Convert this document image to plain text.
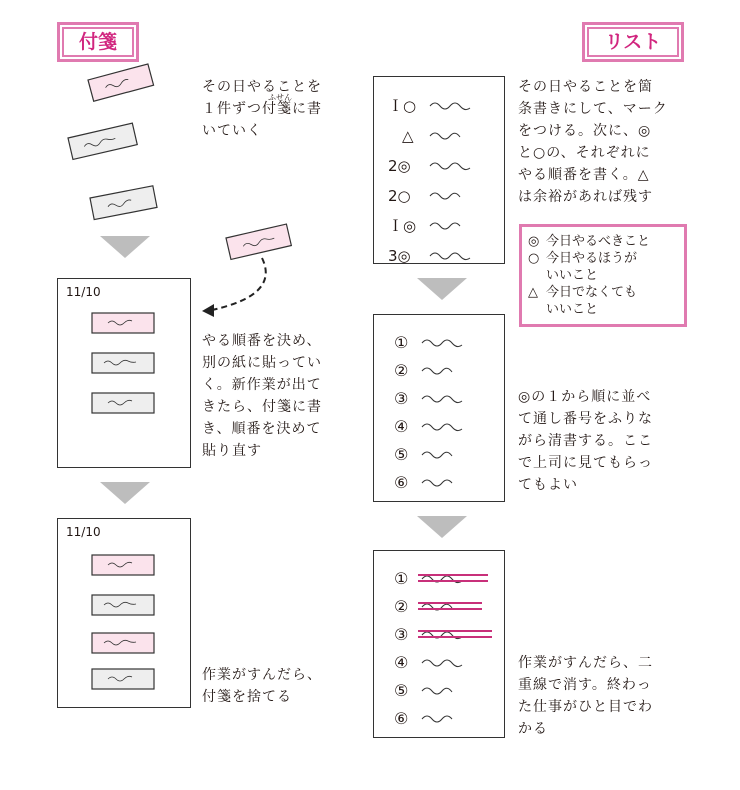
付箋
その日やることを
ふせん
１件ずつ付箋に書
いていく
11/10
やる順番を決め、
別の紙に貼ってい
く。新作業が出て
きたら、付箋に書
き、順番を決めて
貼り直す
11/10
作業がすんだら、
付箋を捨てる
リスト
Ｉ○
△
2◎
2○
Ｉ◎
3◎
その日やることを箇
条書きにして、マーク
をつける。次に、◎
と○の、それぞれに
やる順番を書く。△
は余裕があれば残す
◎ 今日やるべきこと
○ 今日やるほうが
いいこと
△ 今日でなくても
いいこと
①
②
③
④
⑤
⑥
◎の１から順に並べ
て通し番号をふりな
がら清書する。ここ
で上司に見てもらっ
てもよい
①
②
③
④
⑤
⑥
作業がすんだら、二
重線で消す。終わっ
た仕事がひと目でわ
かる
